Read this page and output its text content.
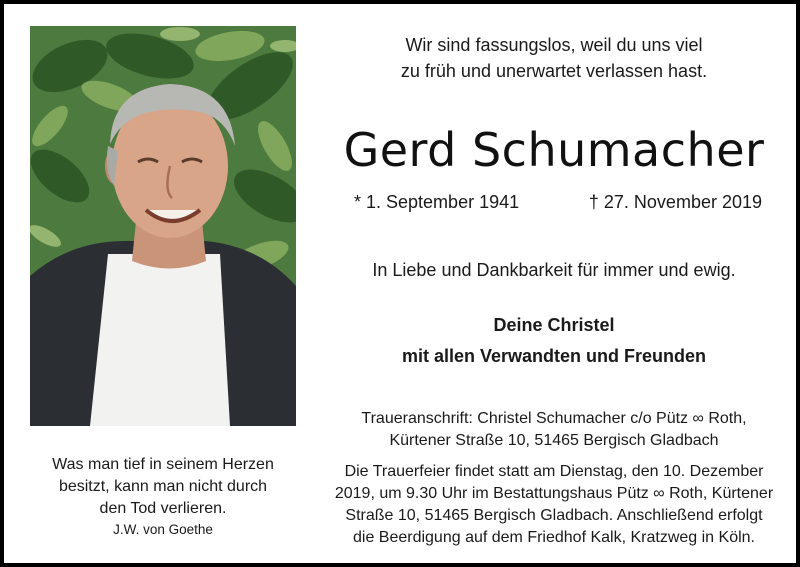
Was man tief in seinem Herzen
besitzt, kann man nicht durch
den Tod verlieren.
J.W. von Goethe
Wir sind fassungslos, weil du uns viel
zu früh und unerwartet verlassen hast.
Gerd Schumacher
* 1. September 1941	† 27. November 2019
In Liebe und Dankbarkeit für immer und ewig.
Deine Christel
mit allen Verwandten und Freunden
Traueranschrift: Christel Schumacher c/o Pütz ∞ Roth,
Kürtener Straße 10, 51465 Bergisch Gladbach
Die Trauerfeier findet statt am Dienstag, den 10. Dezember
2019, um 9.30 Uhr im Bestattungshaus Pütz ∞ Roth, Kürtener
Straße 10, 51465 Bergisch Gladbach. Anschließend erfolgt
die Beerdigung auf dem Friedhof Kalk, Kratzweg in Köln.
